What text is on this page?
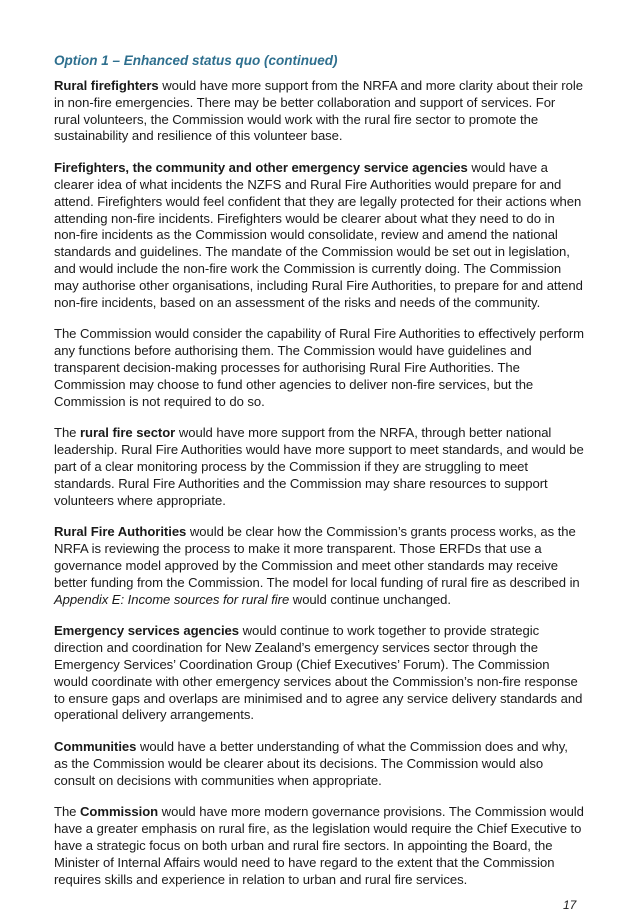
Option 1 – Enhanced status quo (continued)

Rural firefighters would have more support from the NRFA and more clarity about their role in non-fire emergencies. There may be better collaboration and support of services. For rural volunteers, the Commission would work with the rural fire sector to promote the sustainability and resilience of this volunteer base.

Firefighters, the community and other emergency service agencies would have a clearer idea of what incidents the NZFS and Rural Fire Authorities would prepare for and attend. Firefighters would feel confident that they are legally protected for their actions when attending non-fire incidents. Firefighters would be clearer about what they need to do in non-fire incidents as the Commission would consolidate, review and amend the national standards and guidelines. The mandate of the Commission would be set out in legislation, and would include the non-fire work the Commission is currently doing. The Commission may authorise other organisations, including Rural Fire Authorities, to prepare for and attend non-fire incidents, based on an assessment of the risks and needs of the community.

The Commission would consider the capability of Rural Fire Authorities to effectively perform any functions before authorising them. The Commission would have guidelines and transparent decision-making processes for authorising Rural Fire Authorities. The Commission may choose to fund other agencies to deliver non-fire services, but the Commission is not required to do so.

The rural fire sector would have more support from the NRFA, through better national leadership. Rural Fire Authorities would have more support to meet standards, and would be part of a clear monitoring process by the Commission if they are struggling to meet standards. Rural Fire Authorities and the Commission may share resources to support volunteers where appropriate.

Rural Fire Authorities would be clear how the Commission’s grants process works, as the NRFA is reviewing the process to make it more transparent. Those ERFDs that use a governance model approved by the Commission and meet other standards may receive better funding from the Commission. The model for local funding of rural fire as described in Appendix E: Income sources for rural fire would continue unchanged.

Emergency services agencies would continue to work together to provide strategic direction and coordination for New Zealand’s emergency services sector through the Emergency Services’ Coordination Group (Chief Executives’ Forum). The Commission would coordinate with other emergency services about the Commission’s non-fire response to ensure gaps and overlaps are minimised and to agree any service delivery standards and operational delivery arrangements.

Communities would have a better understanding of what the Commission does and why, as the Commission would be clearer about its decisions. The Commission would also consult on decisions with communities when appropriate.

The Commission would have more modern governance provisions. The Commission would have a greater emphasis on rural fire, as the legislation would require the Chief Executive to have a strategic focus on both urban and rural fire sectors. In appointing the Board, the Minister of Internal Affairs would need to have regard to the extent that the Commission requires skills and experience in relation to urban and rural fire services.

17
